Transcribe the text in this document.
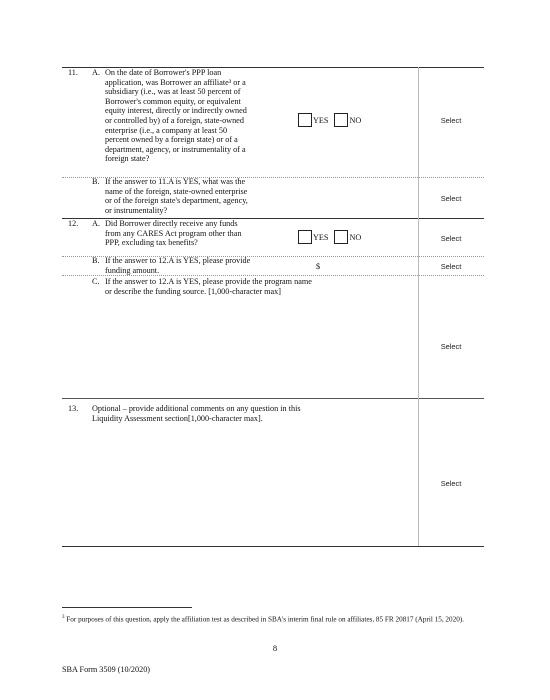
11. A. On the date of Borrower's PPP loan
application, was Borrower an affiliate³ or a
subsidiary (i.e., was at least 50 percent of
Borrower's common equity, or equivalent
equity interest, directly or indirectly owned
or controlled by) of a foreign, state-owned
enterprise (i.e., a company at least 50
percent owned by a foreign state) or of a
department, agency, or instrumentality of a
foreign state?
YES	NO	Select
B. If the answer to 11.A is YES, what was the
name of the foreign, state-owned enterprise
or of the foreign state's department, agency,
or instrumentality?
Select
12. A. Did Borrower directly receive any funds
from any CARES Act program other than
PPP, excluding tax benefits?
YES	NO	Select
B. If the answer to 12.A is YES, please provide
funding amount.	$	Select
C. If the answer to 12.A is YES, please provide the program name
or describe the funding source. [1,000-character max]
Select
13. Optional – provide additional comments on any question in this
Liquidity Assessment section[1,000-character max].
Select
$^3$ For purposes of this question, apply the affiliation test as described in SBA's interim final rule on affiliates, 85 FR 20817 (April 15, 2020).
8
SBA Form 3509 (10/2020)
